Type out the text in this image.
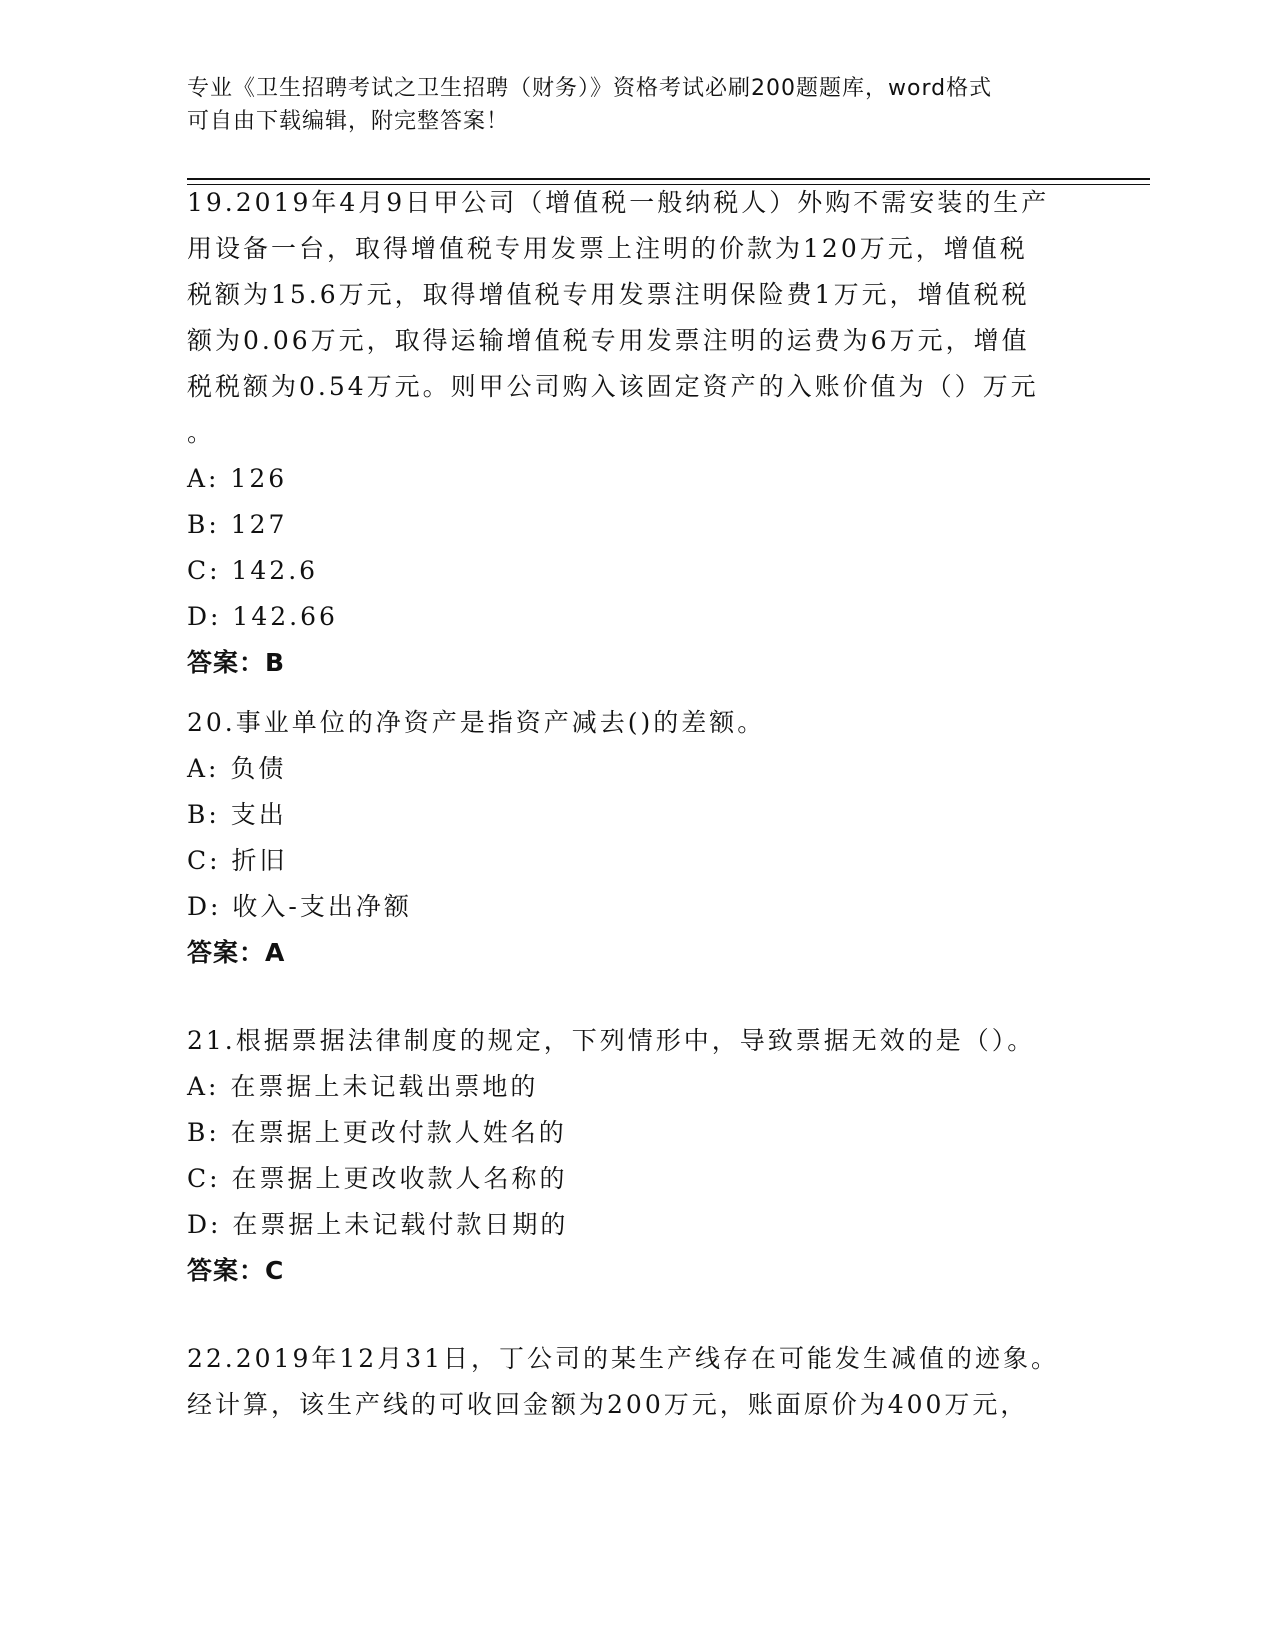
专业《卫生招聘考试之卫生招聘（财务）》资格考试必刷200题题库，word格式
可自由下载编辑，附完整答案！
19.2019年4月9日甲公司（增值税一般纳税人）外购不需安装的生产
用设备一台，取得增值税专用发票上注明的价款为120万元，增值税
税额为15.6万元，取得增值税专用发票注明保险费1万元，增值税税
额为0.06万元，取得运输增值税专用发票注明的运费为6万元，增值
税税额为0.54万元。则甲公司购入该固定资产的入账价值为（）万元
。
A: 126
B: 127
C: 142.6
D: 142.66
答案：B
20.事业单位的净资产是指资产减去()的差额。
A: 负债
B: 支出
C: 折旧
D: 收入-支出净额
答案：A
21.根据票据法律制度的规定，下列情形中，导致票据无效的是（）。
A: 在票据上未记载出票地的
B: 在票据上更改付款人姓名的
C: 在票据上更改收款人名称的
D: 在票据上未记载付款日期的
答案：C
22.2019年12月31日，丁公司的某生产线存在可能发生减值的迹象。
经计算，该生产线的可收回金额为200万元，账面原价为400万元，
